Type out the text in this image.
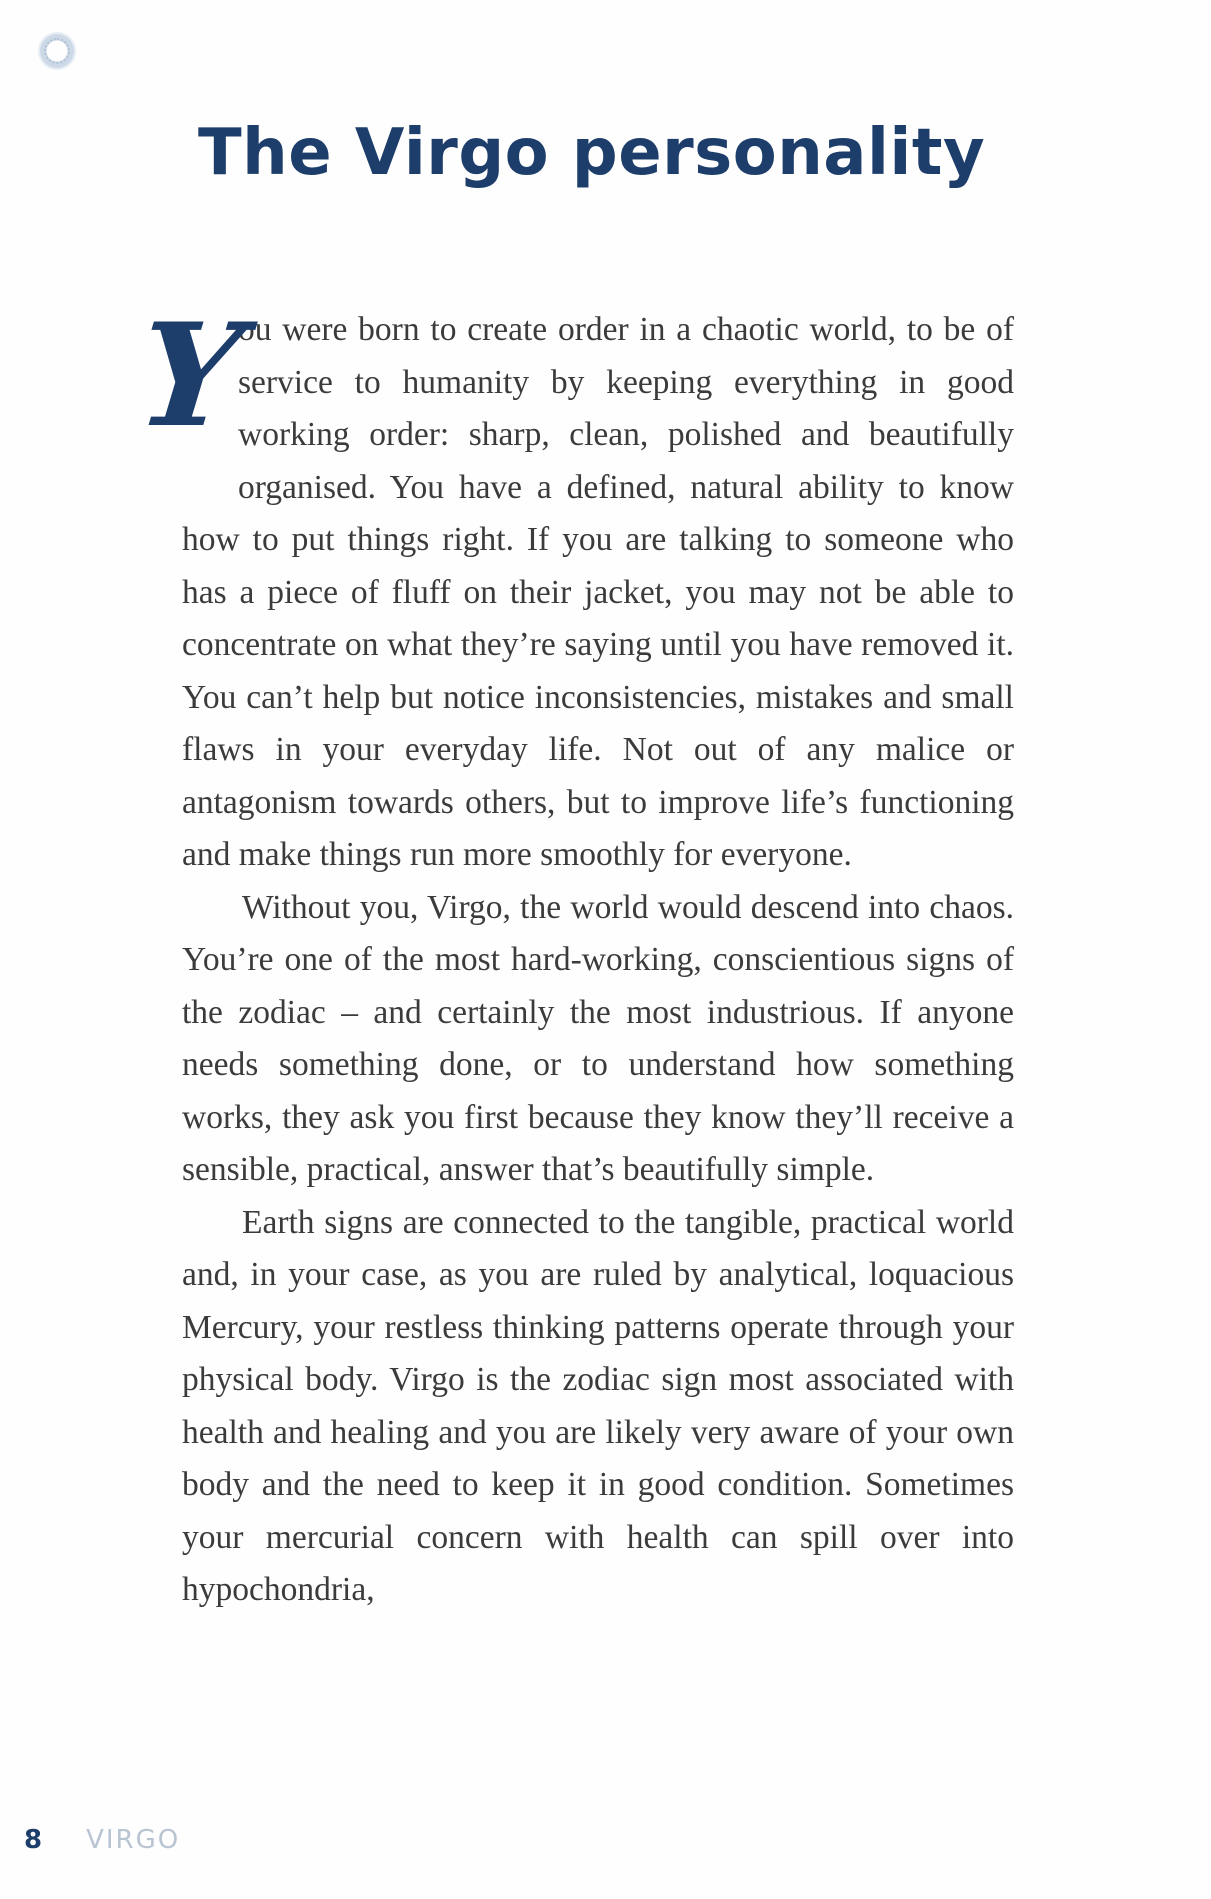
The Virgo personality

Y
ou were born to create order in a chaotic world, to be of service to humanity by keeping everything in good working order: sharp, clean, polished and beautifully organised. You have a defined, natural ability to know how to put things right. If you are talking to someone who has a piece of fluff on their jacket, you may not be able to concentrate on what they’re saying until you have removed it. You can’t help but notice inconsistencies, mistakes and small flaws in your everyday life. Not out of any malice or antagonism towards others, but to improve life’s functioning and make things run more smoothly for everyone.

Without you, Virgo, the world would descend into chaos. You’re one of the most hard-working, conscientious signs of the zodiac – and certainly the most industrious. If anyone needs something done, or to understand how something works, they ask you first because they know they’ll receive a sensible, practical, answer that’s beautifully simple.

Earth signs are connected to the tangible, practical world and, in your case, as you are ruled by analytical, loquacious Mercury, your restless thinking patterns operate through your physical body. Virgo is the zodiac sign most associated with health and healing and you are likely very aware of your own body and the need to keep it in good condition. Sometimes your mercurial concern with health can spill over into hypochondria,

8 VIRGO
